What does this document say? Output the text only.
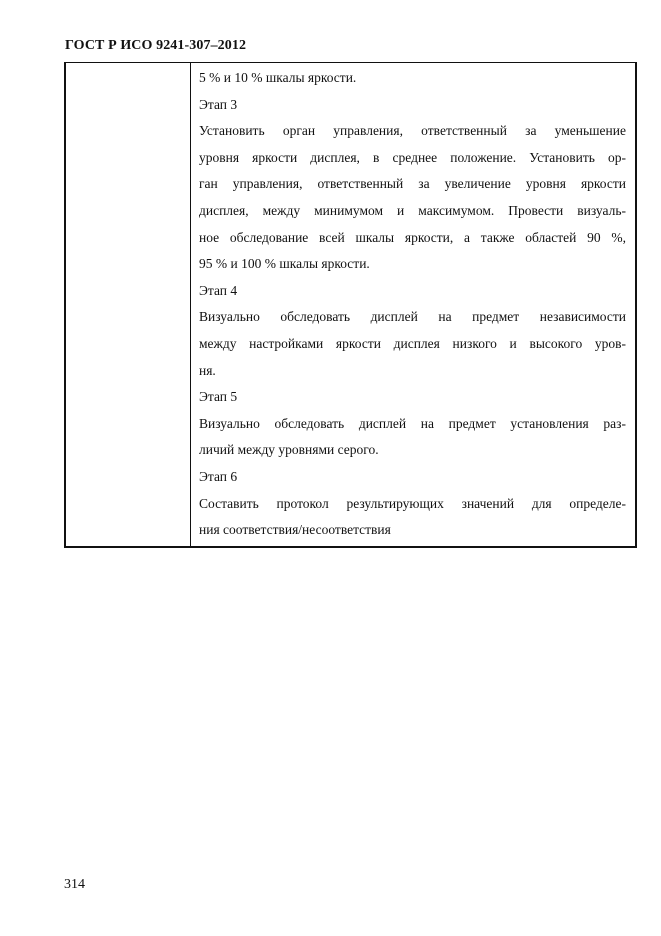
ГОСТ Р ИСО 9241-307–2012
5 % и 10 % шкалы яркости.
Этап 3
Установить орган управления, ответственный за уменьшение
уровня яркости дисплея, в среднее положение. Установить ор-
ган управления, ответственный за увеличение уровня яркости
дисплея, между минимумом и максимумом. Провести визуаль-
ное обследование всей шкалы яркости, а также областей 90 %,
95 % и 100 % шкалы яркости.
Этап 4
Визуально обследовать дисплей на предмет независимости
между настройками яркости дисплея низкого и высокого уров-
ня.
Этап 5
Визуально обследовать дисплей на предмет установления раз-
личий между уровнями серого.
Этап 6
Составить протокол результирующих значений для определе-
ния соответствия/несоответствия
314
